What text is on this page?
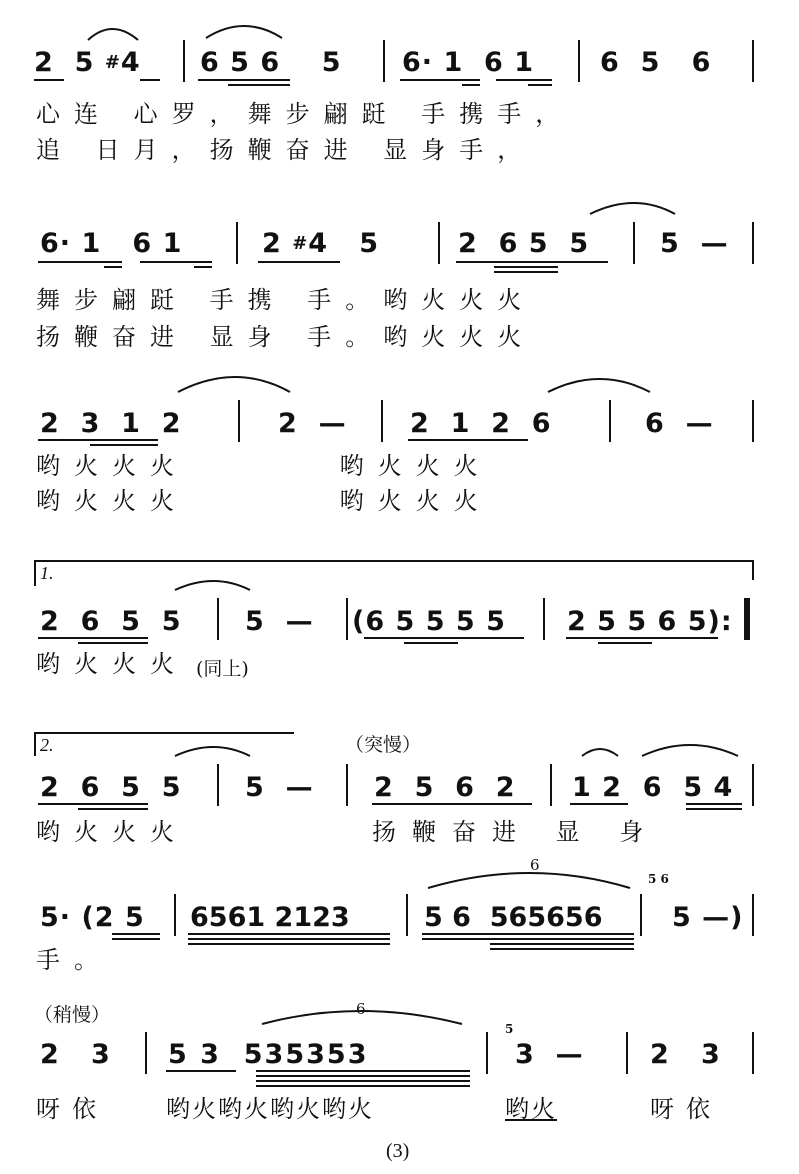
2 5 #4 6 5 6    5 6· 1  6 1 6  5   6
心连 心罗，舞步翩跹 手携手，
追 日月，扬鞭奋进 显身手，
6· 1   6 1	2 #4   5	2  6 5  5	5  —
舞步翩跹 手携 手。哟火火火
扬鞭奋进 显身 手。哟火火火
2  3  1  2	2  — 2  1  2  6	6  —
哟火火火 哟火火火
哟火火火 哟火火火
1.
2  6  5  5 5  — (6 5 5 5 5 2 5 5 6 5):
哟火火火 (同上)
2.	（突慢）
2  6  5  5 5  — 2  5  6  2 1 2  6  5 4
哟火火火	扬鞭奋进 显 身
6
5 6
5· (2 5 6561 2123	5 6  565656	5 —)
手。
（稍慢）	6
5
2   3 5 3  535353	3  — 2   3
呀依 哟火哟火哟火哟火	哟火	呀依
(3)
